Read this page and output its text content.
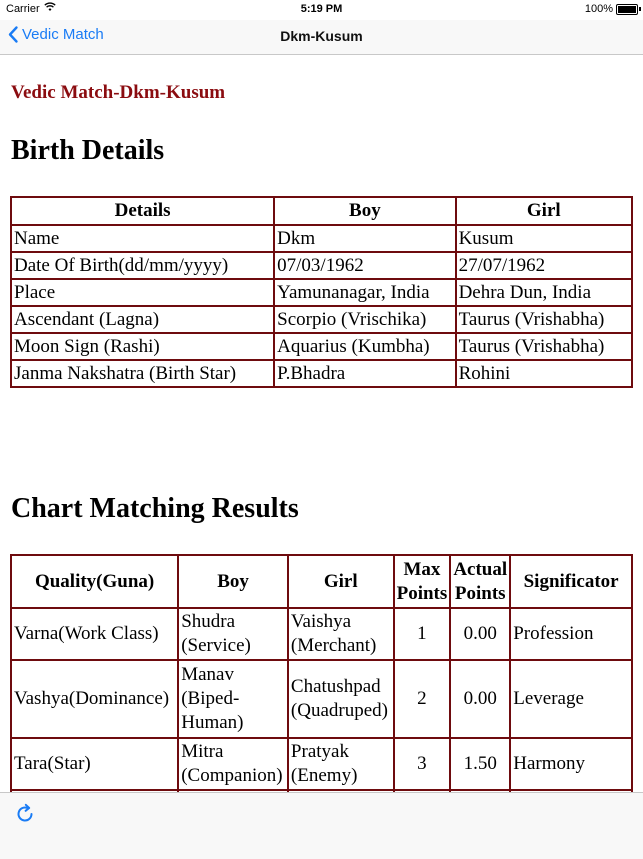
Carrier	5:19 PM	100%
Vedic Match	Dkm-Kusum
Vedic Match-Dkm-Kusum
Birth Details
Details	Boy	Girl
Name	Dkm	Kusum
Date Of Birth(dd/mm/yyyy)	07/03/1962	27/07/1962
Place	Yamunanagar, India	Dehra Dun, India
Ascendant (Lagna)	Scorpio (Vrischika)	Taurus (Vrishabha)
Moon Sign (Rashi)	Aquarius (Kumbha)	Taurus (Vrishabha)
Janma Nakshatra (Birth Star)	P.Bhadra	Rohini
Chart Matching Results
Quality(Guna)	Boy	Girl	Max Points	Actual Points	Significator
Varna(Work Class)	Shudra (Service)	Vaishya (Merchant)	1	0.00	Profession
Vashya(Dominance)	Manav (Biped-Human)	Chatushpad (Quadruped)	2	0.00	Leverage
Tara(Star)	Mitra (Companion)	Pratyak (Enemy)	3	1.50	Harmony
